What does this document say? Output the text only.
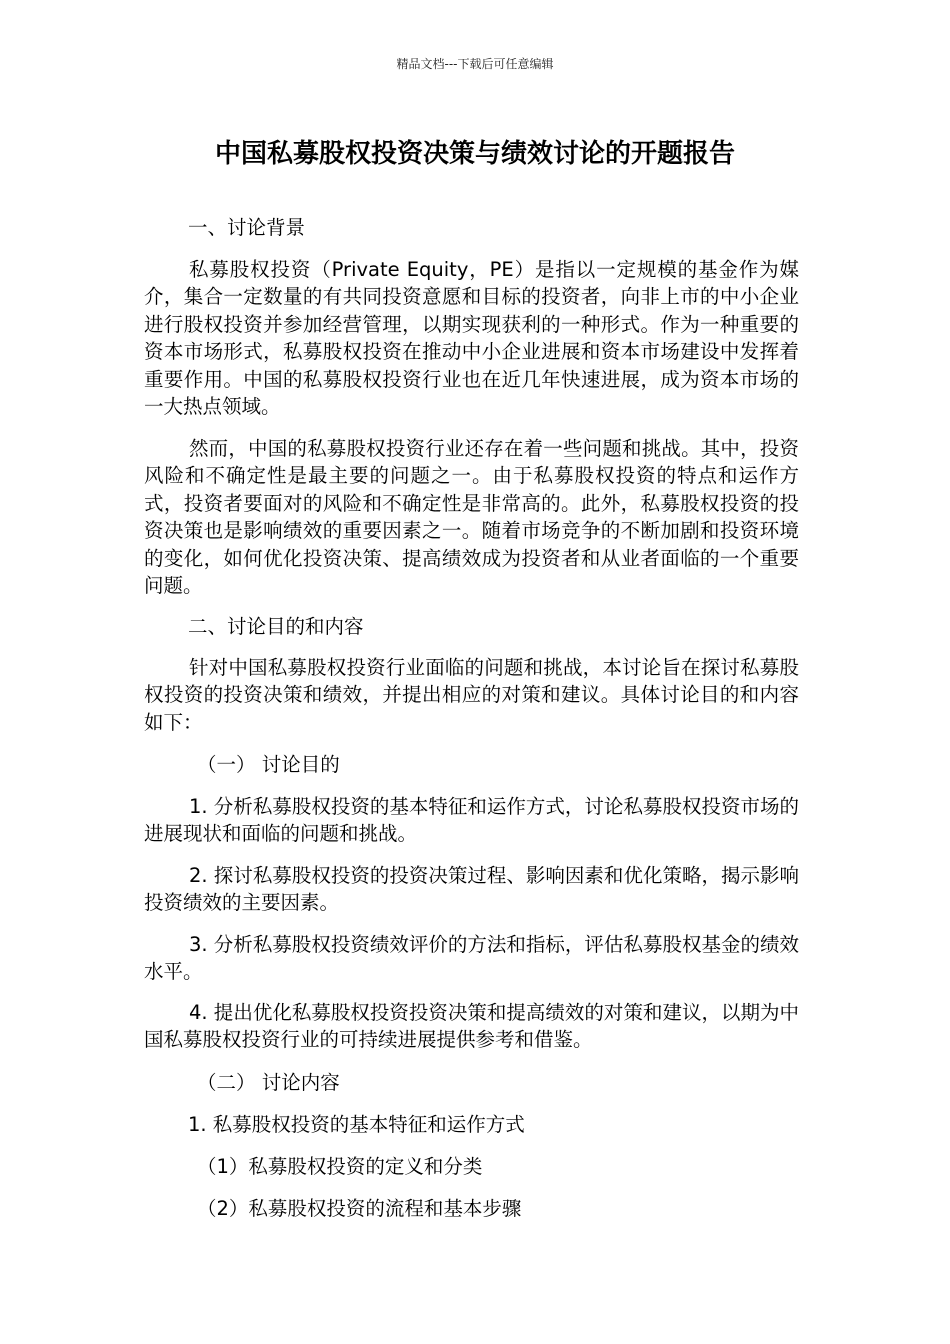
精品文档---下载后可任意编辑
中国私募股权投资决策与绩效讨论的开题报告

一、讨论背景

私募股权投资（Private Equity，PE）是指以一定规模的基金作为媒介，集合一定数量的有共同投资意愿和目标的投资者，向非上市的中小企业进行股权投资并参加经营管理，以期实现获利的一种形式。作为一种重要的资本市场形式，私募股权投资在推动中小企业进展和资本市场建设中发挥着重要作用。中国的私募股权投资行业也在近几年快速进展，成为资本市场的一大热点领域。

然而，中国的私募股权投资行业还存在着一些问题和挑战。其中，投资风险和不确定性是最主要的问题之一。由于私募股权投资的特点和运作方式，投资者要面对的风险和不确定性是非常高的。此外，私募股权投资的投资决策也是影响绩效的重要因素之一。随着市场竞争的不断加剧和投资环境的变化，如何优化投资决策、提高绩效成为投资者和从业者面临的一个重要问题。

二、讨论目的和内容

针对中国私募股权投资行业面临的问题和挑战，本讨论旨在探讨私募股权投资的投资决策和绩效，并提出相应的对策和建议。具体讨论目的和内容如下：

（一） 讨论目的

1. 分析私募股权投资的基本特征和运作方式，讨论私募股权投资市场的进展现状和面临的问题和挑战。

2. 探讨私募股权投资的投资决策过程、影响因素和优化策略，揭示影响投资绩效的主要因素。

3. 分析私募股权投资绩效评价的方法和指标，评估私募股权基金的绩效水平。

4. 提出优化私募股权投资投资决策和提高绩效的对策和建议，以期为中国私募股权投资行业的可持续进展提供参考和借鉴。

（二） 讨论内容

1. 私募股权投资的基本特征和运作方式

（1）私募股权投资的定义和分类

（2）私募股权投资的流程和基本步骤
